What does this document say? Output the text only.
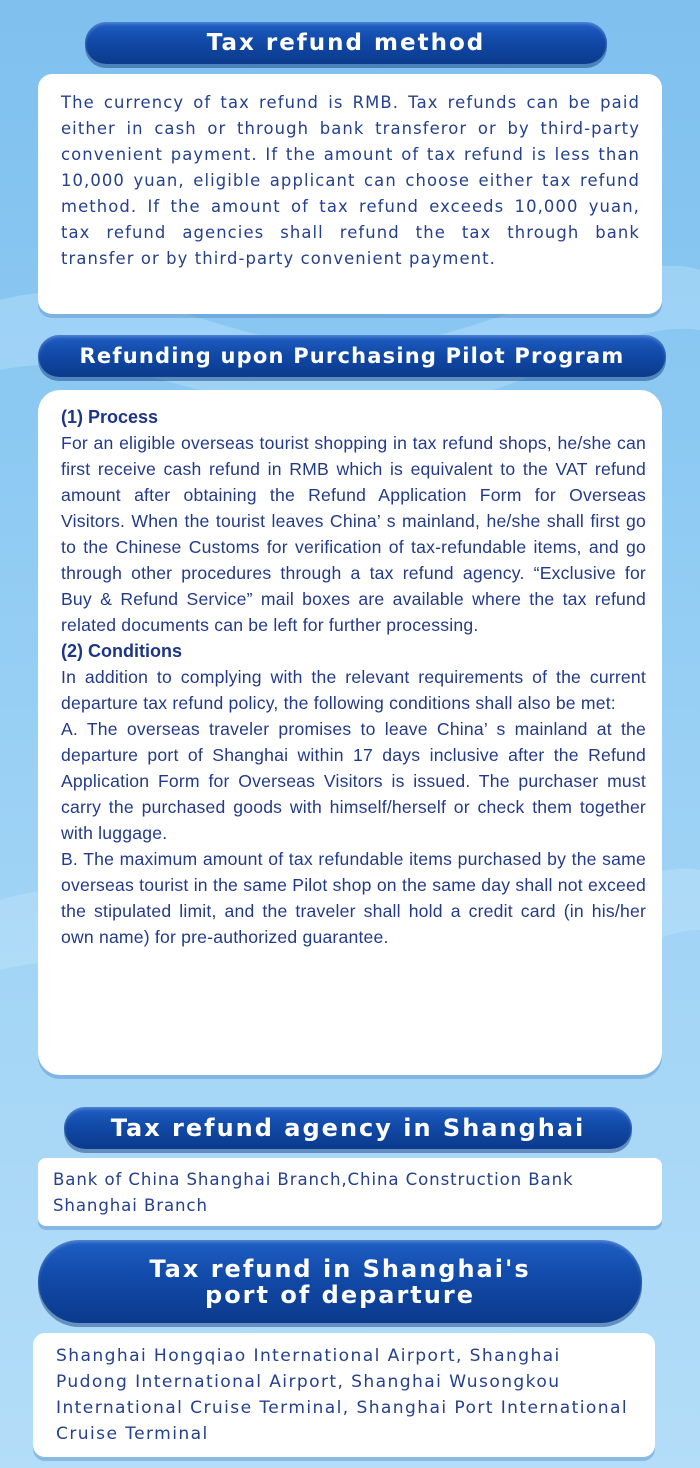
Tax refund method

The currency of tax refund is RMB. Tax refunds can be paid either in cash or through bank transferor or by third-party convenient payment. If the amount of tax refund is less than 10,000 yuan, eligible applicant can choose either tax refund method. If the amount of tax refund exceeds 10,000 yuan, tax refund agencies shall refund the tax through bank transfer or by third-party convenient payment.

Refunding upon Purchasing Pilot Program

(1) Process

For an eligible overseas tourist shopping in tax refund shops, he/she can first receive cash refund in RMB which is equivalent to the VAT refund amount after obtaining the Refund Application Form for Overseas Visitors. When the tourist leaves China’ s mainland, he/she shall first go to the Chinese Customs for verification of tax-refundable items, and go through other procedures through a tax refund agency. “Exclusive for Buy & Refund Service” mail boxes are available where the tax refund related documents can be left for further processing.

(2) Conditions

In addition to complying with the relevant requirements of the current departure tax refund policy, the following conditions shall also be met:

A. The overseas traveler promises to leave China’ s mainland at the departure port of Shanghai within 17 days inclusive after the Refund Application Form for Overseas Visitors is issued. The purchaser must carry the purchased goods with himself/herself or check them together with luggage.

B. The maximum amount of tax refundable items purchased by the same overseas tourist in the same Pilot shop on the same day shall not exceed the stipulated limit, and the traveler shall hold a credit card (in his/her own name) for pre-authorized guarantee.

Tax refund agency in Shanghai

Bank of China Shanghai Branch,China Construction Bank Shanghai Branch

Tax refund in Shanghai's
port of departure

Shanghai Hongqiao International Airport, Shanghai Pudong International Airport, Shanghai Wusongkou International Cruise Terminal, Shanghai Port International Cruise Terminal
